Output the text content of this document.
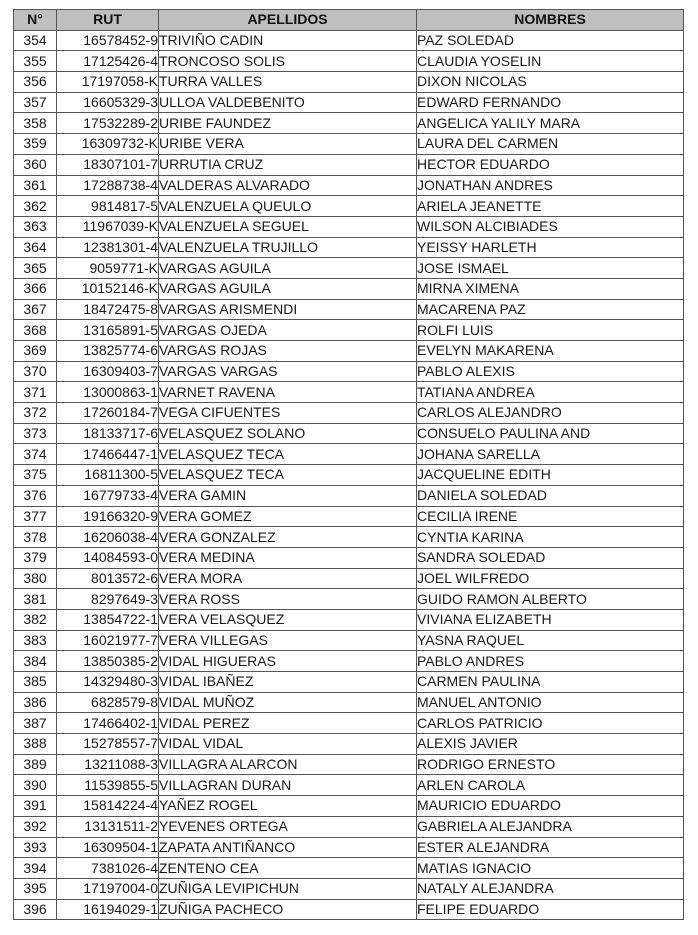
N°	RUT	APELLIDOS	NOMBRES
354	16578452-9	TRIVIÑO CADIN	PAZ SOLEDAD
355	17125426-4	TRONCOSO SOLIS	CLAUDIA YOSELIN
356	17197058-K	TURRA VALLES	DIXON NICOLAS
357	16605329-3	ULLOA VALDEBENITO	EDWARD FERNANDO
358	17532289-2	URIBE FAUNDEZ	ANGELICA YALILY MARA
359	16309732-K	URIBE VERA	LAURA DEL CARMEN
360	18307101-7	URRUTIA CRUZ	HECTOR EDUARDO
361	17288738-4	VALDERAS ALVARADO	JONATHAN ANDRES
362	9814817-5	VALENZUELA QUEULO	ARIELA JEANETTE
363	11967039-K	VALENZUELA SEGUEL	WILSON ALCIBIADES
364	12381301-4	VALENZUELA TRUJILLO	YEISSY HARLETH
365	9059771-K	VARGAS AGUILA	JOSE ISMAEL
366	10152146-K	VARGAS AGUILA	MIRNA XIMENA
367	18472475-8	VARGAS ARISMENDI	MACARENA PAZ
368	13165891-5	VARGAS OJEDA	ROLFI LUIS
369	13825774-6	VARGAS ROJAS	EVELYN MAKARENA
370	16309403-7	VARGAS VARGAS	PABLO ALEXIS
371	13000863-1	VARNET RAVENA	TATIANA ANDREA
372	17260184-7	VEGA CIFUENTES	CARLOS ALEJANDRO
373	18133717-6	VELASQUEZ SOLANO	CONSUELO PAULINA AND
374	17466447-1	VELASQUEZ TECA	JOHANA SARELLA
375	16811300-5	VELASQUEZ TECA	JACQUELINE EDITH
376	16779733-4	VERA GAMIN	DANIELA SOLEDAD
377	19166320-9	VERA GOMEZ	CECILIA IRENE
378	16206038-4	VERA GONZALEZ	CYNTIA KARINA
379	14084593-0	VERA MEDINA	SANDRA SOLEDAD
380	8013572-6	VERA MORA	JOEL WILFREDO
381	8297649-3	VERA ROSS	GUIDO RAMON ALBERTO
382	13854722-1	VERA VELASQUEZ	VIVIANA ELIZABETH
383	16021977-7	VERA VILLEGAS	YASNA RAQUEL
384	13850385-2	VIDAL HIGUERAS	PABLO ANDRES
385	14329480-3	VIDAL IBAÑEZ	CARMEN PAULINA
386	6828579-8	VIDAL MUÑOZ	MANUEL ANTONIO
387	17466402-1	VIDAL PEREZ	CARLOS PATRICIO
388	15278557-7	VIDAL VIDAL	ALEXIS JAVIER
389	13211088-3	VILLAGRA ALARCON	RODRIGO ERNESTO
390	11539855-5	VILLAGRAN DURAN	ARLEN CAROLA
391	15814224-4	YAÑEZ ROGEL	MAURICIO EDUARDO
392	13131511-2	YEVENES ORTEGA	GABRIELA ALEJANDRA
393	16309504-1	ZAPATA ANTIÑANCO	ESTER ALEJANDRA
394	7381026-4	ZENTENO CEA	MATIAS IGNACIO
395	17197004-0	ZUÑIGA LEVIPICHUN	NATALY ALEJANDRA
396	16194029-1	ZUÑIGA PACHECO	FELIPE EDUARDO
